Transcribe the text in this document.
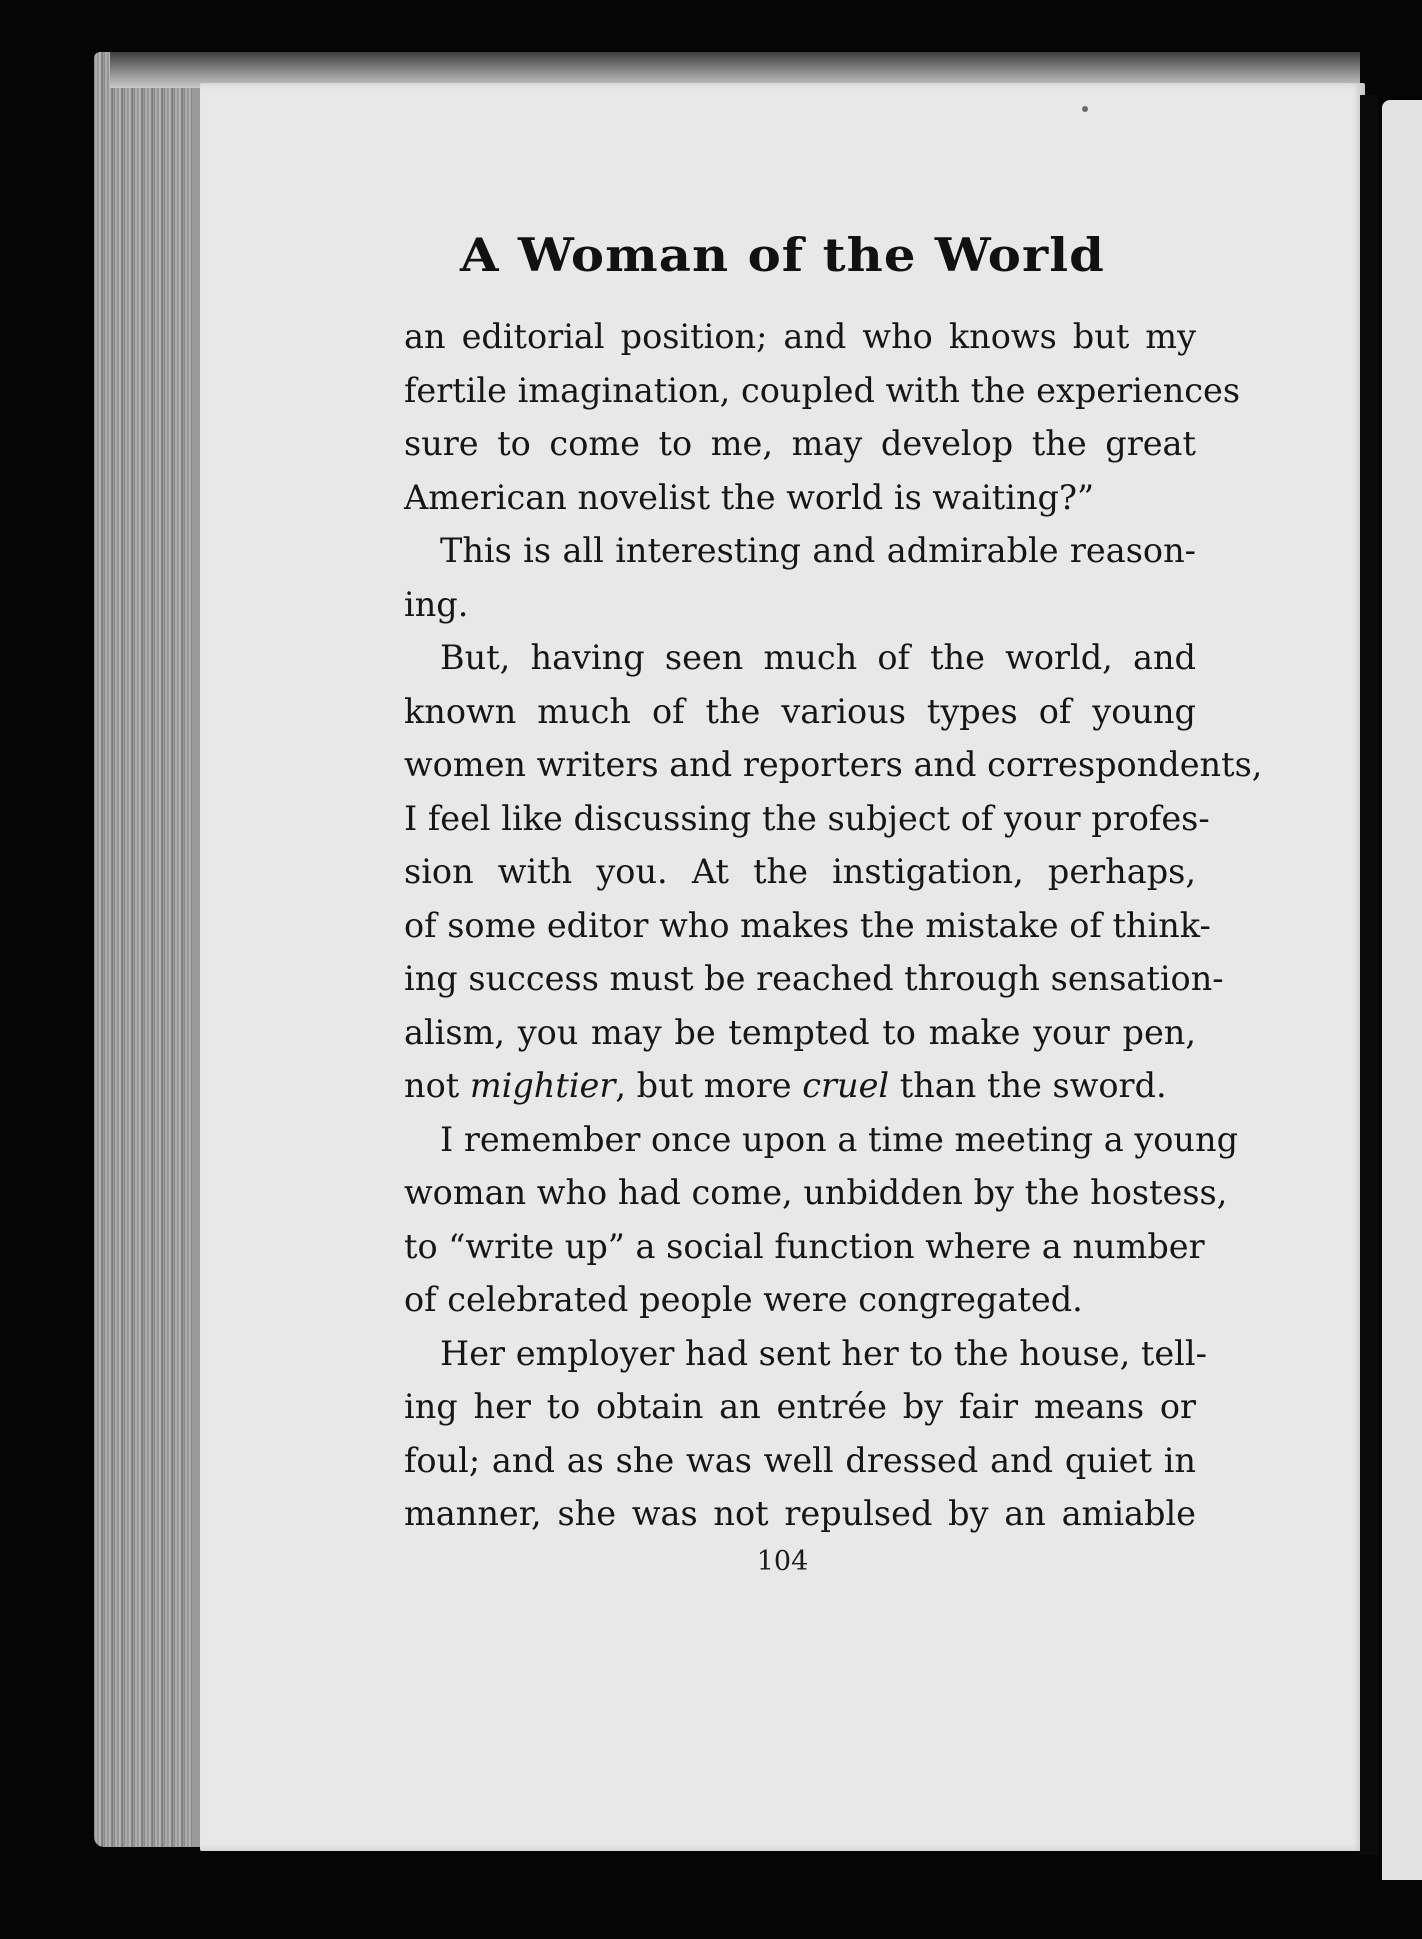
A Woman of the World
an editorial position; and who knows but my
fertile imagination, coupled with the experiences
sure to come to me, may develop the great
American novelist the world is waiting?”
This is all interesting and admirable reason-
ing.
But, having seen much of the world, and
known much of the various types of young
women writers and reporters and correspondents,
I feel like discussing the subject of your profes-
sion with you. At the instigation, perhaps,
of some editor who makes the mistake of think-
ing success must be reached through sensation-
alism, you may be tempted to make your pen,
not mightier, but more cruel than the sword.
I remember once upon a time meeting a young
woman who had come, unbidden by the hostess,
to “write up” a social function where a number
of celebrated people were congregated.
Her employer had sent her to the house, tell-
ing her to obtain an entrée by fair means or
foul; and as she was well dressed and quiet in
manner, she was not repulsed by an amiable
104
